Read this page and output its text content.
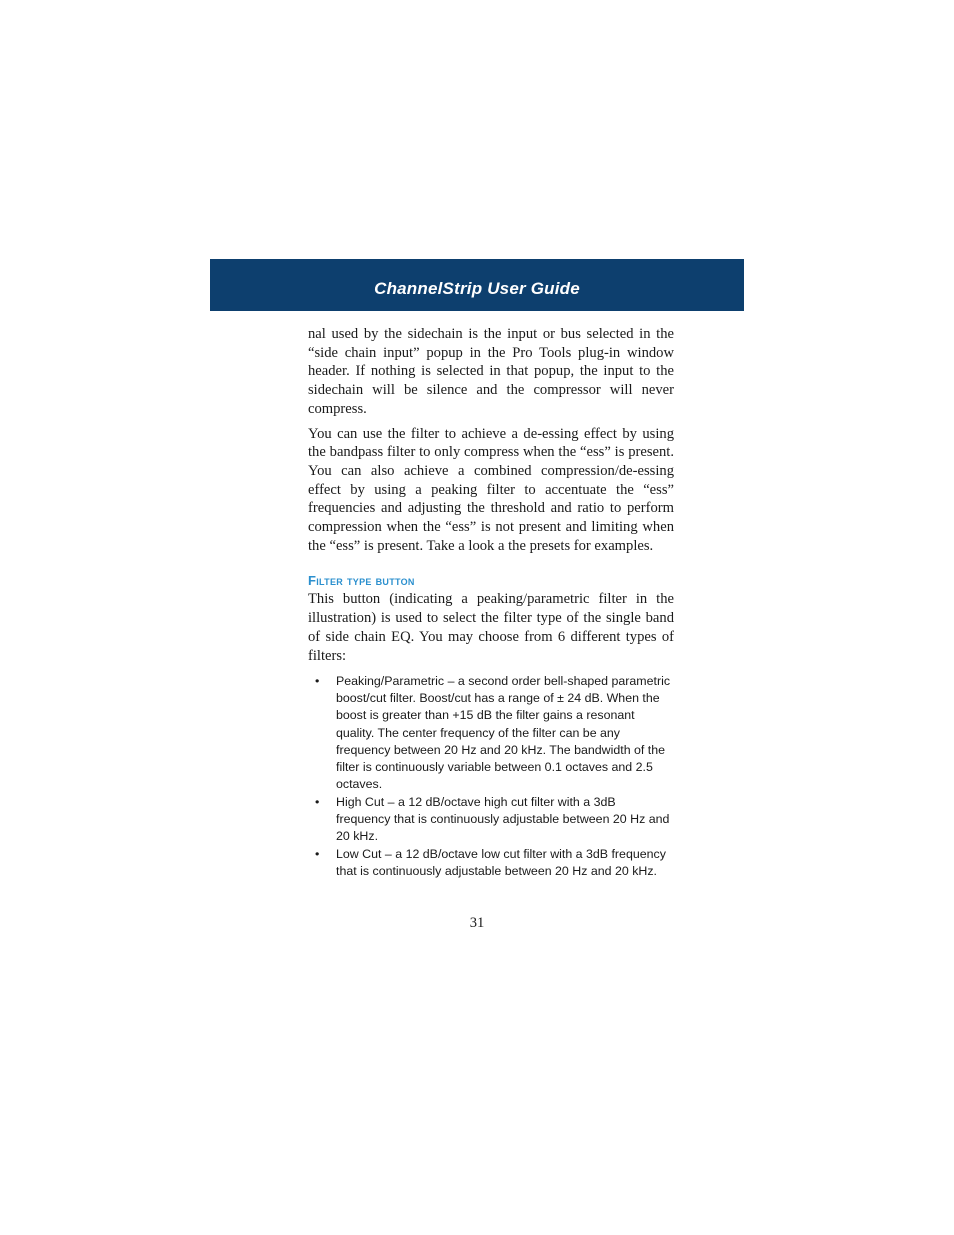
ChannelStrip User Guide

nal used by the sidechain is the input or bus selected in the “side chain input” popup in the Pro Tools plug-in window header. If nothing is selected in that popup, the input to the sidechain will be silence and the compressor will never compress.

You can use the filter to achieve a de-essing effect by using the bandpass filter to only compress when the “ess” is present. You can also achieve a combined compression/de-essing effect by using a peaking filter to accentuate the “ess” frequencies and adjusting the threshold and ratio to perform compression when the “ess” is not present and limiting when the “ess” is present. Take a look a the presets for examples.

Filter type button

This button (indicating a peaking/parametric filter in the illustration) is used to select the filter type of the single band of side chain EQ. You may choose from 6 different types of filters:

• Peaking/Parametric – a second order bell-shaped parametric boost/cut filter. Boost/cut has a range of ± 24 dB. When the boost is greater than +15 dB the filter gains a resonant quality. The center frequency of the filter can be any frequency between 20 Hz and 20 kHz. The bandwidth of the filter is continuously variable between 0.1 octaves and 2.5 octaves.
• High Cut – a 12 dB/octave high cut filter with a 3dB frequency that is continuously adjustable between 20 Hz and 20 kHz.
• Low Cut – a 12 dB/octave low cut filter with a 3dB frequency that is continuously adjustable between 20 Hz and 20 kHz.
31
